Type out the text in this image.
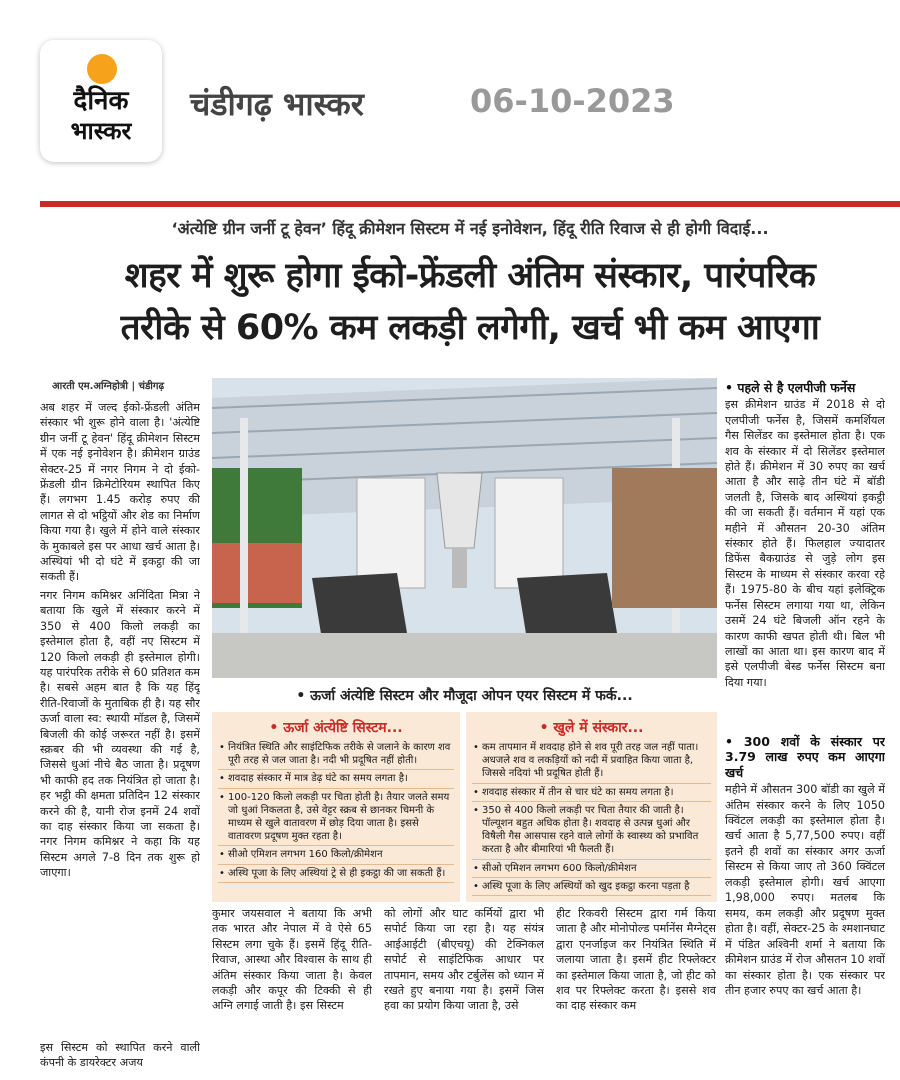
दैनिक
भास्कर
चंडीगढ़ भास्कर	06-10-2023
‘अंत्येष्टि ग्रीन जर्नी टू हेवन’ हिंदू क्रीमेशन सिस्टम में नई इनोवेशन, हिंदू रीति रिवाज से ही होगी विदाई...
शहर में शुरू होगा ईको-फ्रेंडली अंतिम संस्कार, पारंपरिक
तरीके से 60% कम लकड़ी लगेगी, खर्च भी कम आएगा
आरती एम.अग्निहोत्री | चंडीगढ़

अब शहर में जल्द ईको-फ्रेंडली अंतिम संस्कार भी शुरू होने वाला है। 'अंत्येष्टि ग्रीन जर्नी टू हेवन' हिंदू क्रीमेशन सिस्टम में एक नई इनोवेशन है। क्रीमेशन ग्राउंड सेक्टर-25 में नगर निगम ने दो ईको-फ्रेंडली ग्रीन क्रिमेटोरियम स्थापित किए हैं। लगभग 1.45 करोड़ रुपए की लागत से दो भट्ठियों और शेड का निर्माण किया गया है। खुले में होने वाले संस्कार के मुकाबले इस पर आधा खर्च आता है। अस्थियां भी दो घंटे में इकट्ठा की जा सकती हैं।

नगर निगम कमिश्नर अनिंदिता मित्रा ने बताया कि खुले में संस्कार करने में 350 से 400 किलो लकड़ी का इस्तेमाल होता है, वहीं नए सिस्टम में 120 किलो लकड़ी ही इस्तेमाल होगी। यह पारंपरिक तरीके से 60 प्रतिशत कम है। सबसे अहम बात है कि यह हिंदू रीति-रिवाजों के मुताबिक ही है। यह सौर ऊर्जा वाला स्व: स्थायी मॉडल है, जिसमें बिजली की कोई जरूरत नहीं है। इसमें स्क्रबर की भी व्यवस्था की गई है, जिससे धुआं नीचे बैठ जाता है। प्रदूषण भी काफी हद तक नियंत्रित हो जाता है। हर भट्ठी की क्षमता प्रतिदिन 12 संस्कार करने की है, यानी रोज इनमें 24 शवों का दाह संस्कार किया जा सकता है। नगर निगम कमिश्नर ने कहा कि यह सिस्टम अगले 7-8 दिन तक शुरू हो जाएगा।

इस सिस्टम को स्थापित करने वाली कंपनी के डायरेक्टर अजय

• ऊर्जा अंत्येष्टि सिस्टम और मौजूदा ओपन एयर सिस्टम में फर्क...
• ऊर्जा अंत्येष्टि सिस्टम...
• नियंत्रित स्थिति और साइंटिफिक तरीके से जलाने के कारण शव पूरी तरह से जल जाता है। नदी भी प्रदूषित नहीं होती।
• शवदाह संस्कार में मात्र डेढ़ घंटे का समय लगता है।
• 100-120 किलो लकड़ी पर चिता होती है। तैयार जलते समय जो धुआं निकलता है, उसे वेट्टर स्क्रब से छानकर चिमनी के माध्यम से खुले वातावरण में छोड़ दिया जाता है। इससे वातावरण प्रदूषण मुक्त रहता है।
• सीओ एमिशन लगभग 160 किलो/क्रीमेशन
• अस्थि पूजा के लिए अस्थियां ट्रे से ही इकट्ठा की जा सकती हैं।
• खुले में संस्कार...
• कम तापमान में शवदाह होने से शव पूरी तरह जल नहीं पाता। अधजले शव व लकड़ियों को नदी में प्रवाहित किया जाता है, जिससे नदियां भी प्रदूषित होती हैं।
• शवदाह संस्कार में तीन से चार घंटे का समय लगता है।
• 350 से 400 किलो लकड़ी पर चिता तैयार की जाती है। पॉल्यूशन बहुत अधिक होता है। शवदाह से उत्पन्न धुआं और विषैली गैस आसपास रहने वाले लोगों के स्वास्थ्य को प्रभावित करता है और बीमारियां भी फैलती हैं।
• सीओ एमिशन लगभग 600 किलो/क्रीमेशन
• अस्थि पूजा के लिए अस्थियों को खुद इकट्ठा करना पड़ता है
• पहले से है एलपीजी फर्नेस

इस क्रीमेशन ग्राउंड में 2018 से दो एलपीजी फर्नेस है, जिसमें कमर्शियल गैस सिलेंडर का इस्तेमाल होता है। एक शव के संस्कार में दो सिलेंडर इस्तेमाल होते हैं। क्रीमेशन में 30 रुपए का खर्च आता है और साढ़े तीन घंटे में बॉडी जलती है, जिसके बाद अस्थियां इकट्ठी की जा सकती हैं। वर्तमान में यहां एक महीने में औसतन 20-30 अंतिम संस्कार होते हैं। फिलहाल ज्यादातर डिफेंस बैकग्राउंड से जुड़े लोग इस सिस्टम के माध्यम से संस्कार करवा रहे हैं। 1975-80 के बीच यहां इलेक्ट्रिक फर्नेस सिस्टम लगाया गया था, लेकिन उसमें 24 घंटे बिजली ऑन रहने के कारण काफी खपत होती थी। बिल भी लाखों का आता था। इस कारण बाद में इसे एलपीजी बेस्ड फर्नेस सिस्टम बना दिया गया।

• 300 शवों के संस्कार पर 3.79 लाख रुपए कम आएगा खर्च

महीने में औसतन 300 बॉडी का खुले में अंतिम संस्कार करने के लिए 1050 क्विंटल लकड़ी का इस्तेमाल होता है। खर्च आता है 5,77,500 रुपए। वहीं इतने ही शवों का संस्कार अगर ऊर्जा सिस्टम से किया जाए तो 360 क्विंटल लकड़ी इस्तेमाल होगी। खर्च आएगा 1,98,000 रुपए। मतलब कि

कुमार जयसवाल ने बताया कि अभी तक भारत और नेपाल में वे ऐसे 65 सिस्टम लगा चुके हैं। इसमें हिंदू रीति-रिवाज, आस्था और विश्वास के साथ ही अंतिम संस्कार किया जाता है। केवल लकड़ी और कपूर की टिक्की से ही अग्नि लगाई जाती है। इस सिस्टम
को लोगों और घाट कर्मियों द्वारा भी सपोर्ट किया जा रहा है। यह संयंत्र आईआईटी (बीएचयू) की टेक्निकल सपोर्ट से साइंटिफिक आधार पर तापमान, समय और टर्बुलेंस को ध्यान में रखते हुए बनाया गया है। इसमें जिस हवा का प्रयोग किया जाता है, उसे
हीट रिकवरी सिस्टम द्वारा गर्म किया जाता है और मोनोपोल्ड पर्मानेंस मैग्नेट्स द्वारा एनर्जाइज कर नियंत्रित स्थिति में जलाया जाता है। इसमें हीट रिफ्लेक्टर का इस्तेमाल किया जाता है, जो हीट को शव पर रिफ्लेक्ट करता है। इससे शव का दाह संस्कार कम
समय, कम लकड़ी और प्रदूषण मुक्त होता है। वहीं, सेक्टर-25 के श्मशानघाट में पंडित अश्विनी शर्मा ने बताया कि क्रीमेशन ग्राउंड में रोज औसतन 10 शवों का संस्कार होता है। एक संस्कार पर तीन हजार रुपए का खर्च आता है।
